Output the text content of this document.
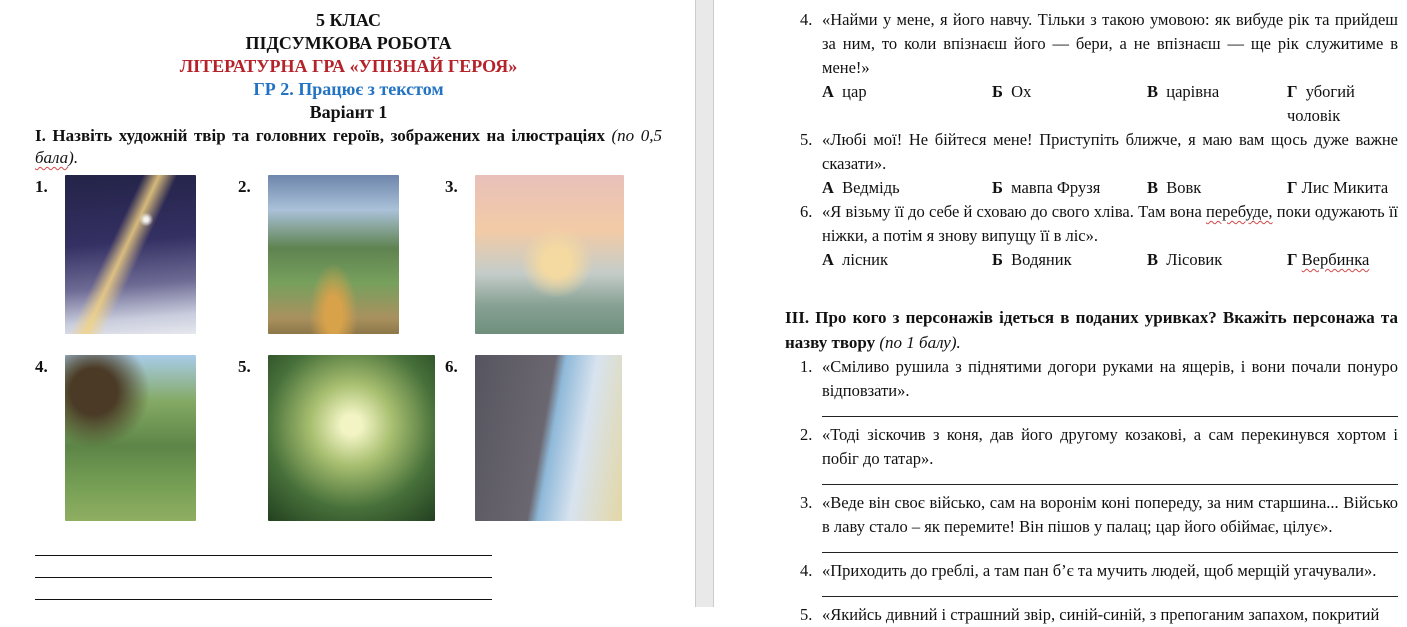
5 КЛАС
ПІДСУМКОВА РОБОТА
ЛІТЕРАТУРНА ГРА «УПІЗНАЙ ГЕРОЯ»
ГР 2. Працює з текстом
Варіант 1
І. Назвіть художній твір та головних героїв, зображених на ілюстраціях (по 0,5 бала).
1.	2.	3.
4.	5.	6.
4. «Найми у мене, я його навчу. Тільки з такою умовою: як вибуде рік та прийдеш за ним, то коли впізнаєш його — бери, а не впізнаєш — ще рік служитиме в мене!»
А цар	Б Ох	В царівна	Г убогий чоловік
5. «Любі мої! Не бійтеся мене! Приступіть ближче, я маю вам щось дуже важне сказати».
А Ведмідь	Б мавпа Фрузя	В Вовк	Г Лис Микита
6. «Я візьму її до себе й сховаю до свого хліва. Там вона перебуде, поки одужають її ніжки, а потім я знову випущу її в ліс».
А лісник	Б Водяник	В Лісовик	Г Вербинка
ІІІ. Про кого з персонажів ідеться в поданих уривках? Вкажіть персонажа та назву твору (по 1 балу).
1. «Сміливо рушила з піднятими догори руками на ящерів, і вони почали понуро відповзати».
2. «Тоді зіскочив з коня, дав його другому козакові, а сам перекинувся хортом і побіг до татар».
3. «Веде він своє військо, сам на воронім коні попереду, за ним старшина... Військо в лаву стало – як перемите! Він пішов у палац; цар його обіймає, цілує».
4. «Приходить до греблі, а там пан б’є та мучить людей, щоб мерщій угачували».
5. «Якийсь дивний і страшний звір, синій-синій, з препоганим запахом, покритий
